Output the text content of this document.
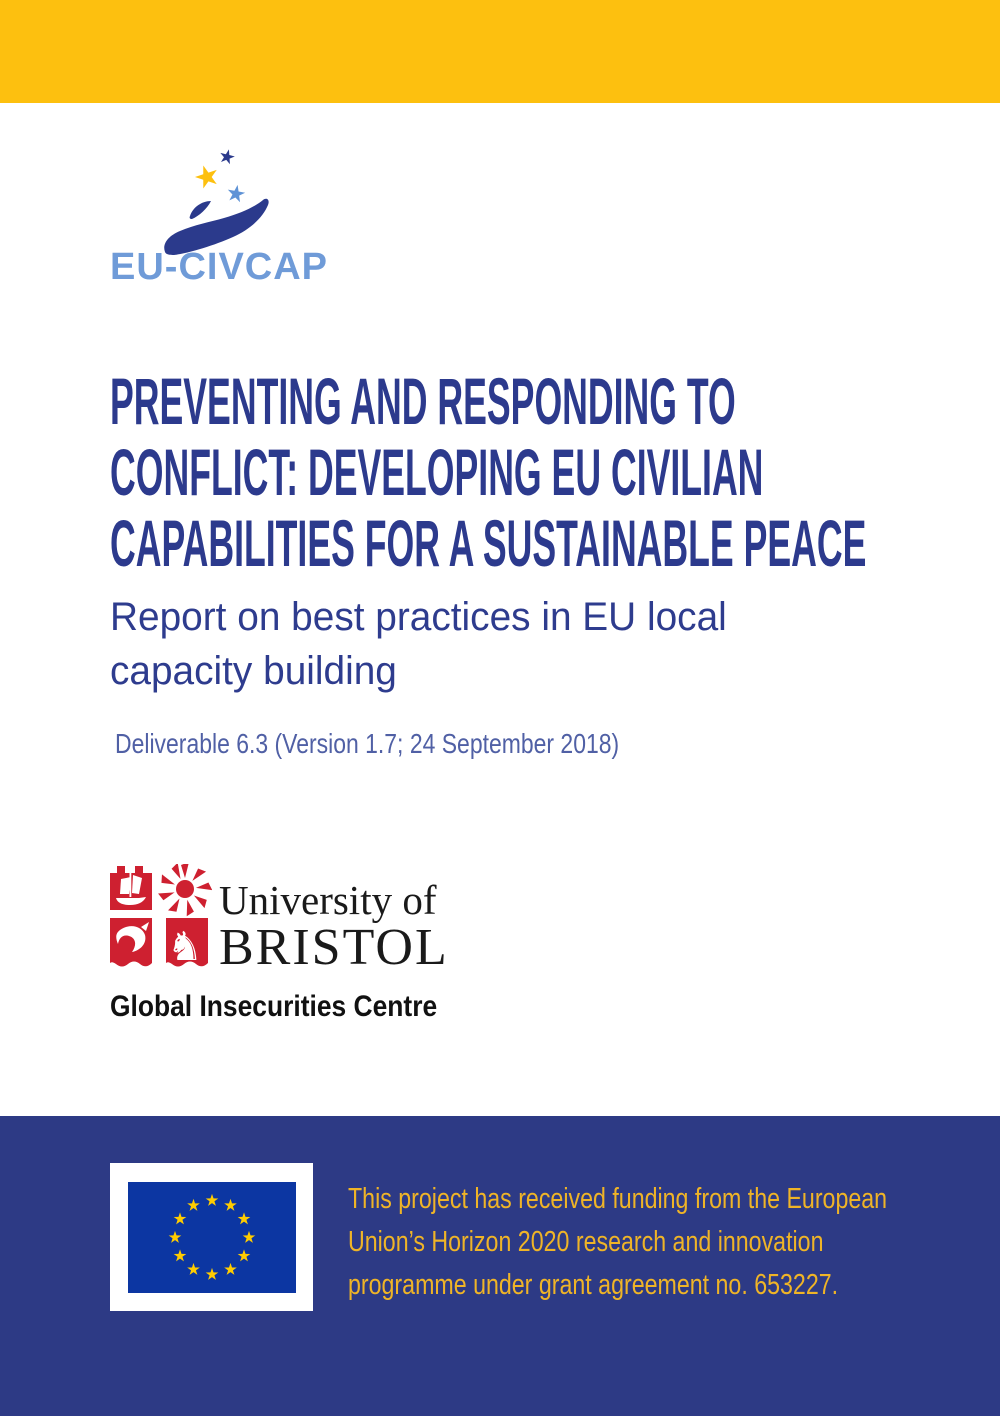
EU-CIVCAP
PREVENTING AND RESPONDING TO
CONFLICT: DEVELOPING EU CIVILIAN
CAPABILITIES FOR A SUSTAINABLE PEACE
Report on best practices in EU local
capacity building
Deliverable 6.3 (Version 1.7; 24 September 2018)
♞
University of
BRISTOL
Global Insecurities Centre
This project has received funding from the European
Union’s Horizon 2020 research and innovation
programme under grant agreement no. 653227.
